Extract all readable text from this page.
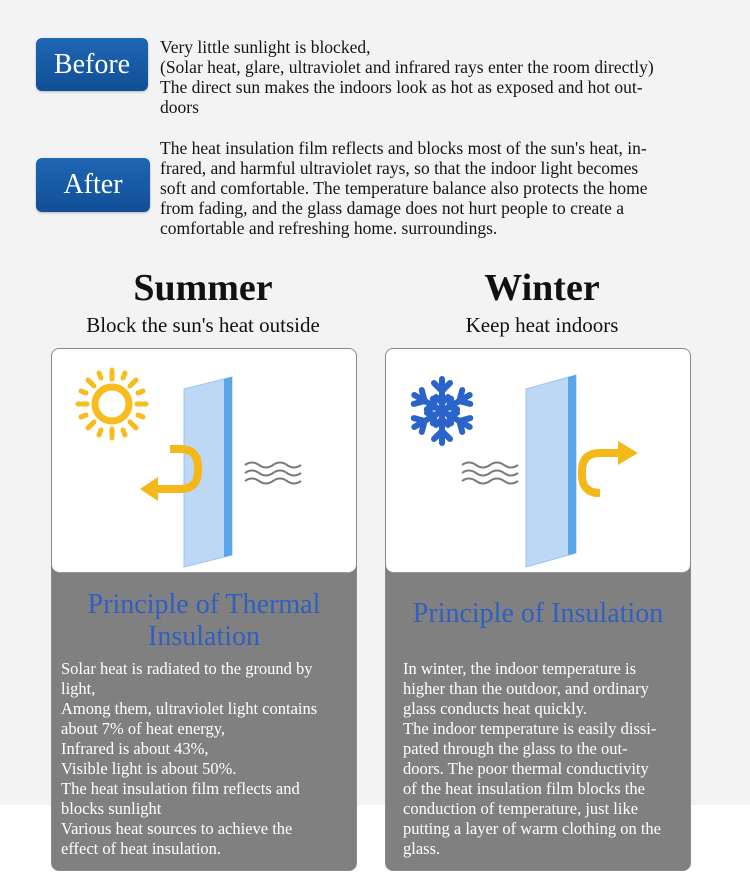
Before
Very little sunlight is blocked,
(Solar heat, glare, ultraviolet and infrared rays enter the room directly)
The direct sun makes the indoors look as hot as exposed and hot out-
doors
After
The heat insulation film reflects and blocks most of the sun's heat, in-
frared, and harmful ultraviolet rays, so that the indoor light becomes
soft and comfortable. The temperature balance also protects the home
from fading, and the glass damage does not hurt people to create a
comfortable and refreshing home. surroundings.
Summer
Block the sun's heat outside
Winter
Keep heat indoors
Principle of Thermal
Insulation
Solar heat is radiated to the ground by
light,
Among them, ultraviolet light contains
about 7% of heat energy,
Infrared is about 43%,
Visible light is about 50%.
The heat insulation film reflects and
blocks sunlight
Various heat sources to achieve the
effect of heat insulation.
Principle of Insulation
In winter, the indoor temperature is
higher than the outdoor, and ordinary
glass conducts heat quickly.
The indoor temperature is easily dissi-
pated through the glass to the out-
doors. The poor thermal conductivity
of the heat insulation film blocks the
conduction of temperature, just like
putting a layer of warm clothing on the
glass.
